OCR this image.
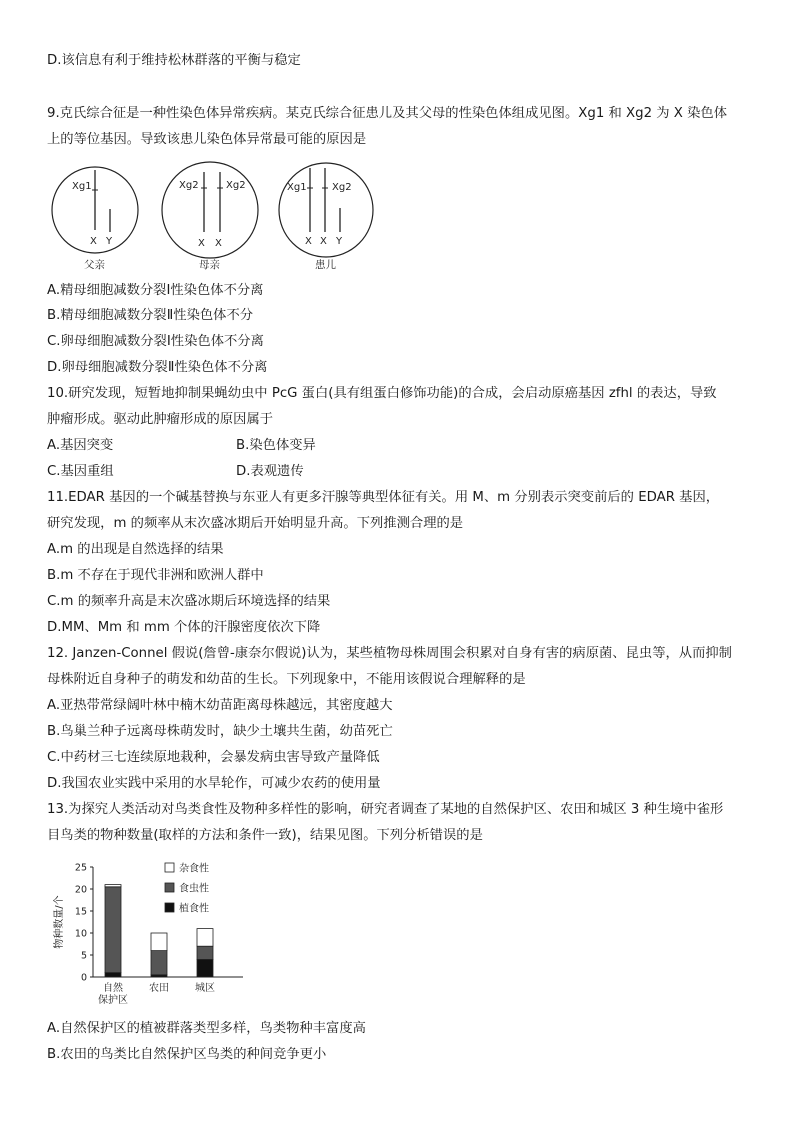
D.该信息有利于维持松林群落的平衡与稳定
9.克氏综合征是一种性染色体异常疾病。某克氏综合征患儿及其父母的性染色体组成见图。Xg1 和 Xg2 为 X 染色体
上的等位基因。导致该患儿染色体异常最可能的原因是
Xg1
X Y
父亲
Xg2	Xg2
X X
母亲
Xg1	Xg2
X X Y
患儿
A.精母细胞减数分裂Ⅰ性染色体不分离
B.精母细胞减数分裂Ⅱ性染色体不分
C.卵母细胞减数分裂Ⅰ性染色体不分离
D.卵母细胞减数分裂Ⅱ性染色体不分离
10.研究发现，短暂地抑制果蝇幼虫中 PcG 蛋白(具有组蛋白修饰功能)的合成，会启动原癌基因 zfhl 的表达，导致
肿瘤形成。驱动此肿瘤形成的原因属于
A.基因突变	B.染色体变异
C.基因重组	D.表观遗传
11.EDAR 基因的一个碱基替换与东亚人有更多汗腺等典型体征有关。用 M、m 分别表示突变前后的 EDAR 基因，
研究发现，m 的频率从末次盛冰期后开始明显升高。下列推测合理的是
A.m 的出现是自然选择的结果
B.m 不存在于现代非洲和欧洲人群中
C.m 的频率升高是末次盛冰期后环境选择的结果
D.MM、Mm 和 mm 个体的汗腺密度依次下降
12. Janzen-Connel 假说(詹曾-康奈尔假说)认为，某些植物母株周围会积累对自身有害的病原菌、昆虫等，从而抑制
母株附近自身种子的萌发和幼苗的生长。下列现象中，不能用该假说合理解释的是
A.亚热带常绿阔叶林中楠木幼苗距离母株越远，其密度越大
B.鸟巢兰种子远离母株萌发时，缺少土壤共生菌，幼苗死亡
C.中药材三七连续原地栽种，会暴发病虫害导致产量降低
D.我国农业实践中采用的水旱轮作，可减少农药的使用量
13.为探究人类活动对鸟类食性及物种多样性的影响，研究者调查了某地的自然保护区、农田和城区 3 种生境中雀形
目鸟类的物种数量(取样的方法和条件一致)，结果见图。下列分析错误的是
0
5
10
15
20
25
物种数量/个
自然
保护区
农田	城区
杂食性
食虫性
植食性
A.自然保护区的植被群落类型多样，鸟类物种丰富度高
B.农田的鸟类比自然保护区鸟类的种间竞争更小
